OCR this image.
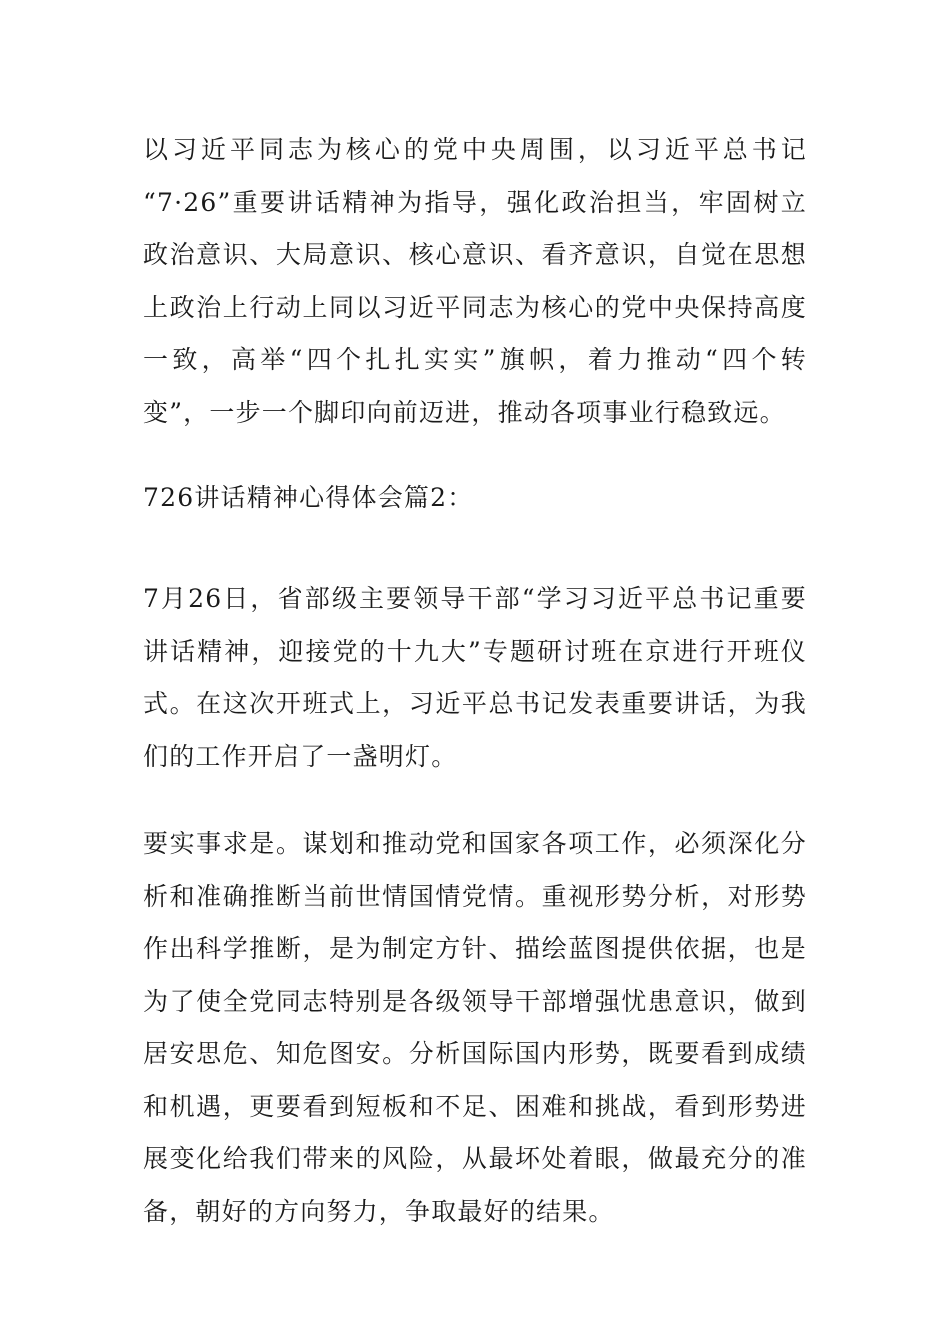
以习近平同志为核心的党中央周围，以习近平总书记
“7·26”重要讲话精神为指导，强化政治担当，牢固树立
政治意识、大局意识、核心意识、看齐意识，自觉在思想
上政治上行动上同以习近平同志为核心的党中央保持高度
一致，高举“四个扎扎实实”旗帜，着力推动“四个转
变”，一步一个脚印向前迈进，推动各项事业行稳致远。
726讲话精神心得体会篇2：
7月26日，省部级主要领导干部“学习习近平总书记重要
讲话精神，迎接党的十九大”专题研讨班在京进行开班仪
式。在这次开班式上，习近平总书记发表重要讲话，为我
们的工作开启了一盏明灯。
要实事求是。谋划和推动党和国家各项工作，必须深化分
析和准确推断当前世情国情党情。重视形势分析，对形势
作出科学推断，是为制定方针、描绘蓝图提供依据，也是
为了使全党同志特别是各级领导干部增强忧患意识，做到
居安思危、知危图安。分析国际国内形势，既要看到成绩
和机遇，更要看到短板和不足、困难和挑战，看到形势进
展变化给我们带来的风险，从最坏处着眼，做最充分的准
备，朝好的方向努力，争取最好的结果。
